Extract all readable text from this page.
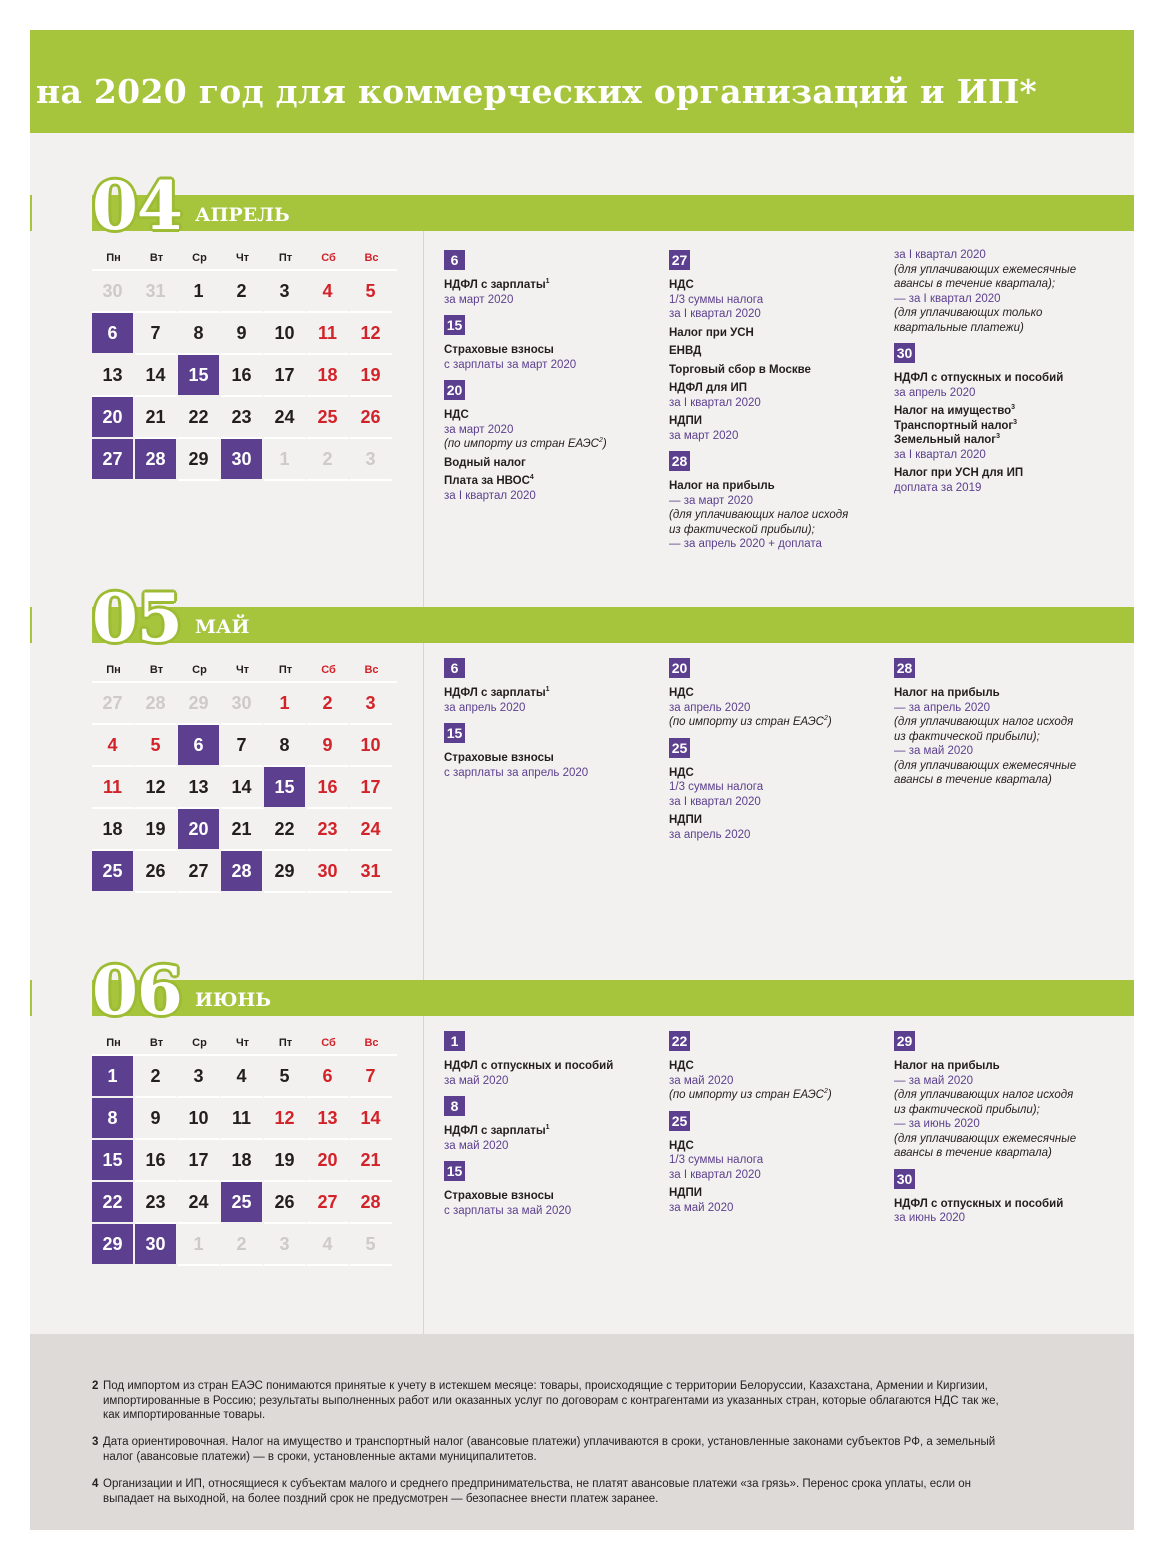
на 2020 год для коммерческих организаций и ИП*
04 АПРЕЛЬ
Пн	Вт	Ср	Чт	Пт	Сб	Вс
30	31	1	2	3	4	5
6	7	8	9	10	11	12
13	14	15	16	17	18	19
20	21	22	23	24	25	26
27	28	29	30	1	2	3
6
НДФЛ с зарплаты$^1$
за март 2020
15
Страховые взносы
с зарплаты за март 2020
20
НДС
за март 2020
(по импорту из стран ЕАЭС$^2$)
Водный налог
Плата за НВОС$^4$
за I квартал 2020
27
НДС
1/3 суммы налога
за I квартал 2020
Налог при УСН
ЕНВД
Торговый сбор в Москве
НДФЛ для ИП
за I квартал 2020
НДПИ
за март 2020
28
Налог на прибыль
— за март 2020
(для уплачивающих налог исходя
из фактической прибыли);
— за апрель 2020 + доплата
за I квартал 2020
(для уплачивающих ежемесячные
авансы в течение квартала);
— за I квартал 2020
(для уплачивающих только
квартальные платежи)
30
НДФЛ с отпускных и пособий
за апрель 2020
Налог на имущество$^3$
Транспортный налог$^3$
Земельный налог$^3$
за I квартал 2020
Налог при УСН для ИП
доплата за 2019
05 МАЙ
Пн	Вт	Ср	Чт	Пт	Сб	Вс
27	28	29	30	1	2	3
4	5	6	7	8	9	10
11	12	13	14	15	16	17
18	19	20	21	22	23	24
25	26	27	28	29	30	31
6
НДФЛ с зарплаты$^1$
за апрель 2020
15
Страховые взносы
с зарплаты за апрель 2020
20
НДС
за апрель 2020
(по импорту из стран ЕАЭС$^2$)
25
НДС
1/3 суммы налога
за I квартал 2020
НДПИ
за апрель 2020
28
Налог на прибыль
— за апрель 2020
(для уплачивающих налог исходя
из фактической прибыли);
— за май 2020
(для уплачивающих ежемесячные
авансы в течение квартала)
06 ИЮНЬ
Пн	Вт	Ср	Чт	Пт	Сб	Вс
1	2	3	4	5	6	7
8	9	10	11	12	13	14
15	16	17	18	19	20	21
22	23	24	25	26	27	28
29	30	1	2	3	4	5
1
НДФЛ с отпускных и пособий
за май 2020
8
НДФЛ с зарплаты$^1$
за май 2020
15
Страховые взносы
с зарплаты за май 2020
22
НДС
за май 2020
(по импорту из стран ЕАЭС$^2$)
25
НДС
1/3 суммы налога
за I квартал 2020
НДПИ
за май 2020
29
Налог на прибыль
— за май 2020
(для уплачивающих налог исходя
из фактической прибыли);
— за июнь 2020
(для уплачивающих ежемесячные
авансы в течение квартала)
30
НДФЛ с отпускных и пособий
за июнь 2020
2 Под импортом из стран ЕАЭС понимаются принятые к учету в истекшем месяце: товары, происходящие с территории Белоруссии, Казахстана, Армении и Киргизии,
импортированные в Россию; результаты выполненных работ или оказанных услуг по договорам с контрагентами из указанных стран, которые облагаются НДС так же,
как импортированные товары.
3 Дата ориентировочная. Налог на имущество и транспортный налог (авансовые платежи) уплачиваются в сроки, установленные законами субъектов РФ, а земельный
налог (авансовые платежи) — в сроки, установленные актами муниципалитетов.
4 Организации и ИП, относящиеся к субъектам малого и среднего предпринимательства, не платят авансовые платежи «за грязь». Перенос срока уплаты, если он
выпадает на выходной, на более поздний срок не предусмотрен — безопаснее внести платеж заранее.
